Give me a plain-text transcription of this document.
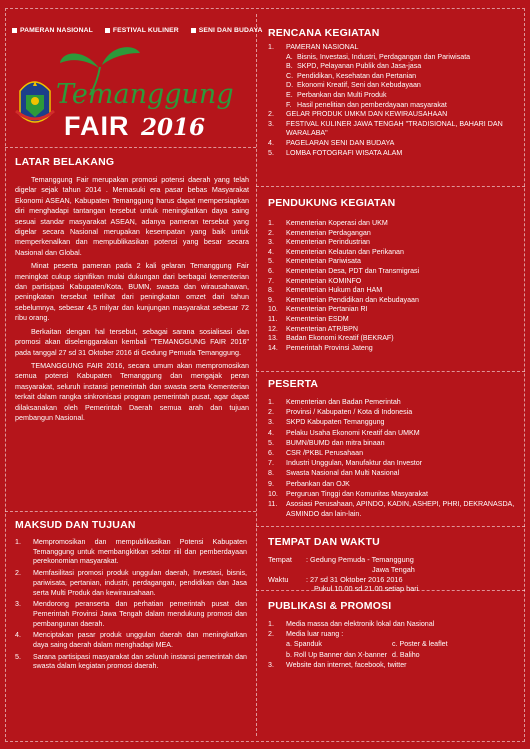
PAMERAN NASIONAL	FESTIVAL KULINER	SENI DAN BUDAYA
Temanggung
FAIR 2016
LATAR BELAKANG

Temanggung Fair merupakan promosi potensi daerah yang telah digelar sejak tahun 2014 . Memasuki era pasar bebas Masyarakat Ekonomi ASEAN, Kabupaten Temanggung harus dapat mempersiapkan diri menghadapi tantangan tersebut untuk meningkatkan daya saing sesuai standar masyarakat ASEAN, adanya pameran tersebut yang digelar secara Nasional merupakan kesempatan yang baik untuk memperkenalkan dan mempublikasikan potensi yang besar secara Nasional dan Global.

Minat peserta pameran pada 2 kali gelaran Temanggung Fair meningkat cukup signifikan mulai dukungan dari berbagai kementerian dan partisipasi Kabupaten/Kota, BUMN, swasta dan wirausahawan, peningkatan tersebut terlihat dari peningkatan omzet dari tahun sebelumnya, sebesar 4,5 milyar dan kunjungan masyarakat sebesar 72 ribu orang.

Berkaitan dengan hal tersebut, sebagai sarana sosialisasi dan promosi akan diselenggarakan kembali "TEMANGGUNG FAIR 2016" pada tanggal 27 sd 31 Oktober 2016 di Gedung Pemuda Temanggung.

TEMANGGUNG FAIR 2016, secara umum akan mempromosikan semua potensi Kabupaten Temanggung dan mengajak peran masyarakat, seluruh instansi pemerintah dan swasta serta Kementerian terkait dalam rangka sinkronisasi program pemerintah pusat, agar dapat dilaksanakan oleh Pemerintah Daerah semua arah dan tujuan pembangun Nasional.

MAKSUD DAN TUJUAN
1.	Mempromosikan dan mempublikasikan Potensi Kabupaten Temanggung untuk membangkitkan sektor riil dan pemberdayaan perekonomian masyarakat.
2.	Memfasilitasi promosi produk unggulan daerah, Investasi, bisnis, pariwisata, pertanian, industri, perdagangan, pendidikan dan Jasa serta Multi Produk dan kewirausahaan.
3.	Mendorong peranserta dan perhatian pemerintah pusat dan Pemerintah Provinsi Jawa Tengah dalam mendukung promosi dan pembangunan daerah.
4.	Menciptakan pasar produk unggulan daerah dan meningkatkan daya saing daerah dalam menghadapi MEA.
5.	Sarana partisipasi masyarakat dan seluruh instansi pemerintah dan swasta dalam kegiatan promosi daerah.
RENCANA KEGIATAN
1.	PAMERAN NASIONAL
A. Bisnis, Investasi, Industri, Perdagangan dan Pariwisata
B. SKPD, Pelayanan Publik dan Jasa-jasa
C. Pendidikan, Kesehatan dan Pertanian
D. Ekonomi Kreatif, Seni dan Kebudayaan
E. Perbankan dan Multi Produk
F. Hasil penelitian dan pemberdayaan masyarakat
2.	GELAR PRODUK UMKM DAN KEWIRAUSAHAAN
3.	FESTIVAL KULINER JAWA TENGAH "TRADISIONAL, BAHARI DAN WARALABA"
4.	PAGELARAN SENI DAN BUDAYA
5.	LOMBA FOTOGRAFI WISATA ALAM
PENDUKUNG KEGIATAN
1.	Kementerian Koperasi dan UKM
2.	Kementerian Perdagangan
3.	Kementerian Perindustrian
4.	Kementerian Kelautan dan Perikanan
5.	Kementerian Pariwisata
6.	Kementerian Desa, PDT dan Transmigrasi
7.	Kementerian KOMINFO
8.	Kementerian Hukum dan HAM
9.	Kementerian Pendidikan dan Kebudayaan
10.	Kementerian Pertanian RI
11.	Kementerian ESDM
12.	Kementerian ATR/BPN
13.	Badan Ekonomi Kreatif (BEKRAF)
14.	Pemerintah Provinsi Jateng
PESERTA
1.	Kementerian dan Badan Pemerintah
2.	Provinsi / Kabupaten / Kota di Indonesia
3.	SKPD Kabupaten Temanggung
4.	Pelaku Usaha Ekonomi Kreatif dan UMKM
5.	BUMN/BUMD dan mitra binaan
6.	CSR /PKBL Perusahaan
7.	Industri Unggulan, Manufaktur dan Investor
8.	Swasta Nasional dan Multi Nasional
9.	Perbankan dan OJK
10.	Perguruan Tinggi dan Komunitas Masyarakat
11.	Asosiasi Perusahaan, APINDO, KADIN, ASHEPI, PHRI, DEKRANASDA, ASMINDO dan lain-lain.
TEMPAT DAN WAKTU
Tempat	: Gedung Pemuda - Temanggung
Jawa Tengah
Waktu	: 27 sd 31 Oktober 2016 2016
Pukul 10.00 sd 21.00 setiap hari
PUBLIKASI & PROMOSI
1.	Media massa dan elektronik lokal dan Nasional
2.	Media luar ruang :
a. Spanduk	c. Poster & leaflet
b. Roll Up Banner dan X-banner d. Baliho
3.	Website dan internet, facebook, twitter
